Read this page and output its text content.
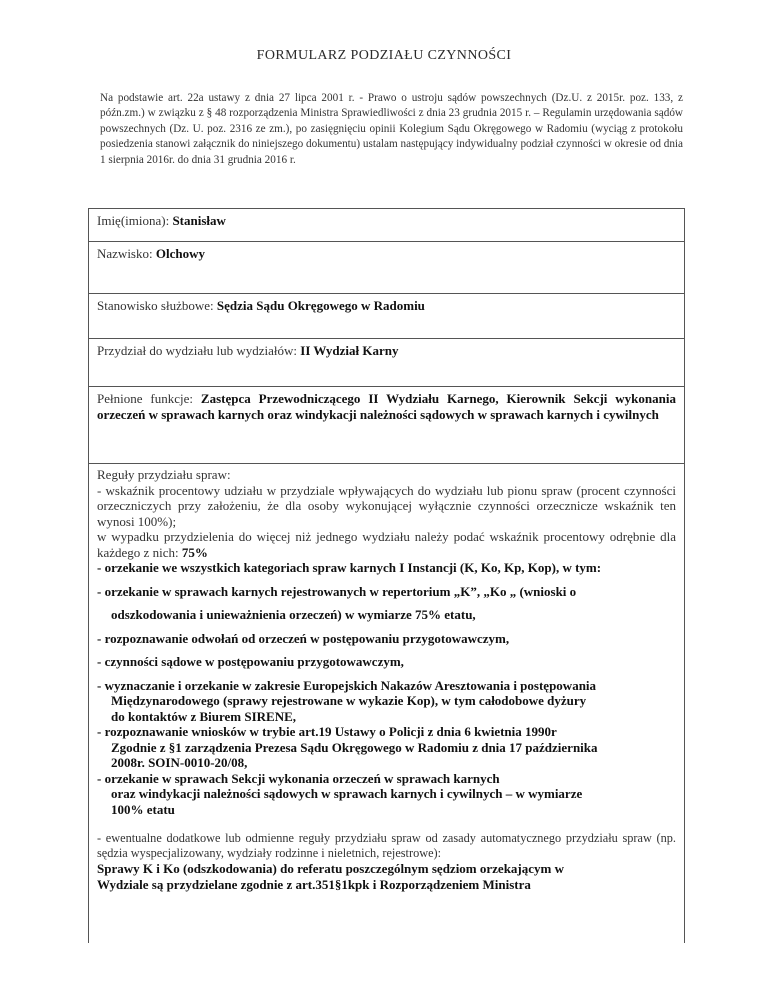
FORMULARZ PODZIAŁU CZYNNOŚCI
Na podstawie art. 22a ustawy z dnia 27 lipca 2001 r. - Prawo o ustroju sądów powszechnych (Dz.U. z 2015r. poz. 133, z późn.zm.) w związku z § 48 rozporządzenia Ministra Sprawiedliwości z dnia 23 grudnia 2015 r. – Regulamin urzędowania sądów powszechnych (Dz. U. poz. 2316 ze zm.), po zasięgnięciu opinii Kolegium Sądu Okręgowego w Radomiu (wyciąg z protokołu posiedzenia stanowi załącznik do niniejszego dokumentu) ustalam następujący indywidualny podział czynności w okresie od dnia 1 sierpnia 2016r. do dnia 31 grudnia 2016 r.
Imię(imiona): Stanisław
Nazwisko: Olchowy
Stanowisko służbowe: Sędzia Sądu Okręgowego w Radomiu
Przydział do wydziału lub wydziałów: II Wydział Karny
Pełnione funkcje: Zastępca Przewodniczącego II Wydziału Karnego, Kierownik Sekcji wykonania orzeczeń w sprawach karnych oraz windykacji należności sądowych w sprawach karnych i cywilnych
Reguły przydziału spraw:
- wskaźnik procentowy udziału w przydziale wpływających do wydziału lub pionu spraw (procent czynności orzeczniczych przy założeniu, że dla osoby wykonującej wyłącznie czynności orzecznicze wskaźnik ten wynosi 100%);
w wypadku przydzielenia do więcej niż jednego wydziału należy podać wskaźnik procentowy odrębnie dla każdego z nich: 75%
- orzekanie we wszystkich kategoriach spraw karnych I Instancji (K, Ko, Kp, Kop), w tym:
- orzekanie w sprawach karnych rejestrowanych w repertorium „K”, „Ko „ (wnioski o
odszkodowania i unieważnienia orzeczeń) w wymiarze 75% etatu,
- rozpoznawanie odwołań od orzeczeń w postępowaniu przygotowawczym,
- czynności sądowe w postępowaniu przygotowawczym,
- wyznaczanie i orzekanie w zakresie Europejskich Nakazów Aresztowania i postępowania
Międzynarodowego (sprawy rejestrowane w wykazie Kop), w tym całodobowe dyżury
do kontaktów z Biurem SIRENE,
- rozpoznawanie wniosków w trybie art.19 Ustawy o Policji z dnia 6 kwietnia 1990r
Zgodnie z §1 zarządzenia Prezesa Sądu Okręgowego w Radomiu z dnia 17 października
2008r. SOIN-0010-20/08,
- orzekanie w sprawach Sekcji wykonania orzeczeń w sprawach karnych
oraz windykacji należności sądowych w sprawach karnych i cywilnych – w wymiarze
100% etatu
- ewentualne dodatkowe lub odmienne reguły przydziału spraw od zasady automatycznego przydziału spraw (np. sędzia wyspecjalizowany, wydziały rodzinne i nieletnich, rejestrowe):
Sprawy K i Ko (odszkodowania) do referatu poszczególnym sędziom orzekającym w
Wydziale są przydzielane zgodnie z art.351§1kpk i Rozporządzeniem Ministra
